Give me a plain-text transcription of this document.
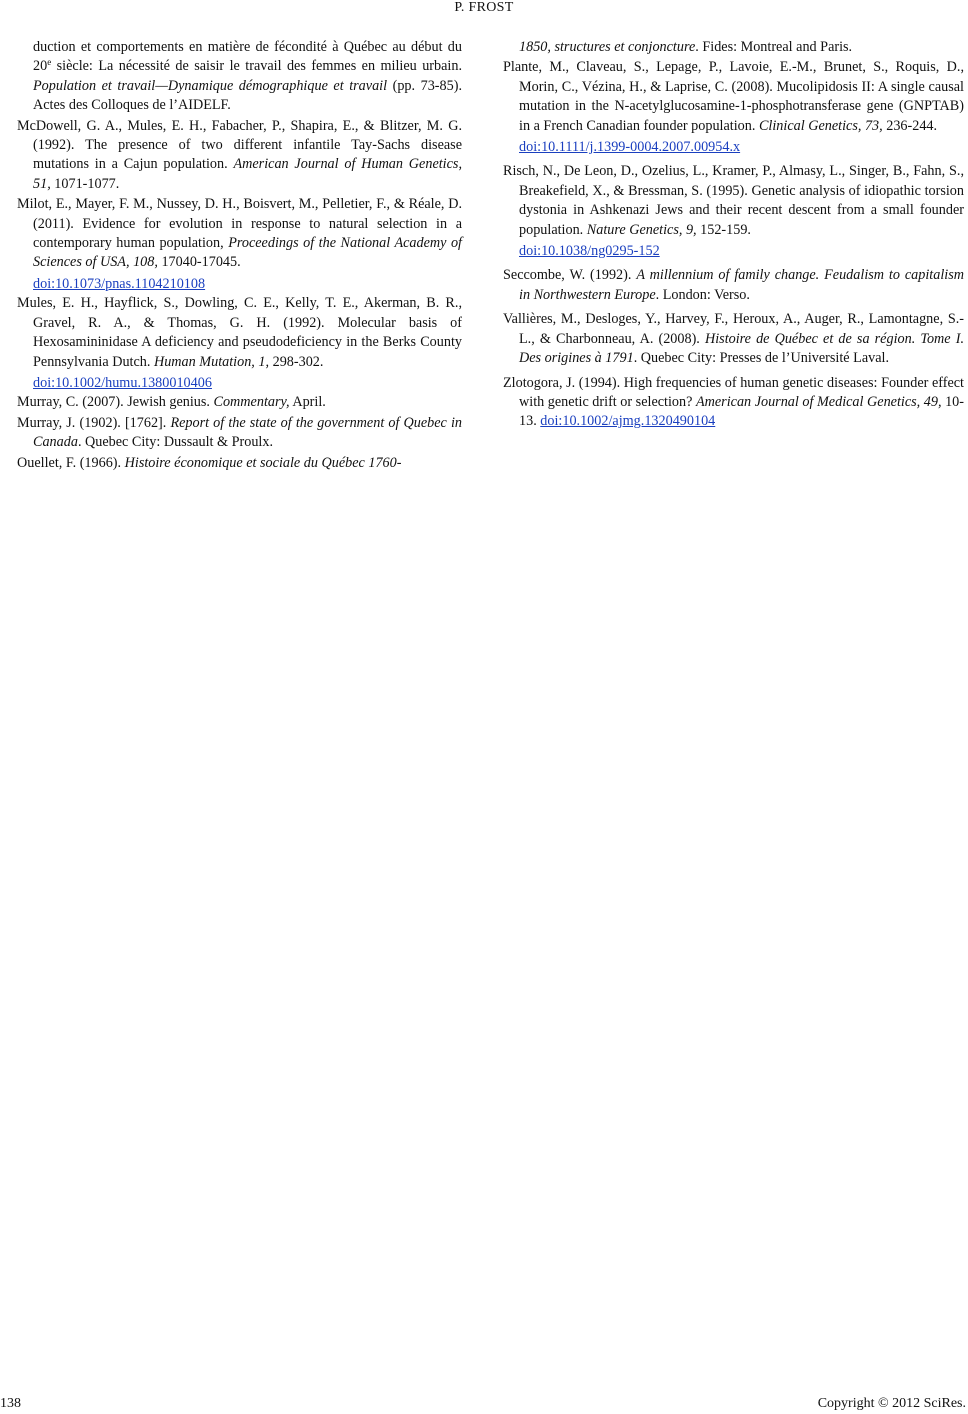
P. FROST

duction et comportements en matière de fécondité à Québec au début du 20e siècle: La nécessité de saisir le travail des femmes en milieu urbain. Population et travail—Dynamique démographique et travail (pp. 73-85). Actes des Colloques de l’AIDELF.

McDowell, G. A., Mules, E. H., Fabacher, P., Shapira, E., & Blitzer, M. G. (1992). The presence of two different infantile Tay-Sachs disease mutations in a Cajun population. American Journal of Human Genetics, 51, 1071-1077.

Milot, E., Mayer, F. M., Nussey, D. H., Boisvert, M., Pelletier, F., & Réale, D. (2011). Evidence for evolution in response to natural selection in a contemporary human population, Proceedings of the National Academy of Sciences of USA, 108, 17040-17045.

doi:10.1073/pnas.1104210108

Mules, E. H., Hayflick, S., Dowling, C. E., Kelly, T. E., Akerman, B. R., Gravel, R. A., & Thomas, G. H. (1992). Molecular basis of Hexosamininidase A deficiency and pseudodeficiency in the Berks County Pennsylvania Dutch. Human Mutation, 1, 298-302.

doi:10.1002/humu.1380010406

Murray, C. (2007). Jewish genius. Commentary, April.

Murray, J. (1902). [1762]. Report of the state of the government of Quebec in Canada. Quebec City: Dussault & Proulx.

Ouellet, F. (1966). Histoire économique et sociale du Québec 1760-

1850, structures et conjoncture. Fides: Montreal and Paris.

Plante, M., Claveau, S., Lepage, P., Lavoie, E.-M., Brunet, S., Roquis, D., Morin, C., Vézina, H., & Laprise, C. (2008). Mucolipidosis II: A single causal mutation in the N-acetylglucosamine-1-phosphotransferase gene (GNPTAB) in a French Canadian founder population. Clinical Genetics, 73, 236-244.

doi:10.1111/j.1399-0004.2007.00954.x

Risch, N., De Leon, D., Ozelius, L., Kramer, P., Almasy, L., Singer, B., Fahn, S., Breakefield, X., & Bressman, S. (1995). Genetic analysis of idiopathic torsion dystonia in Ashkenazi Jews and their recent descent from a small founder population. Nature Genetics, 9, 152-159.

doi:10.1038/ng0295-152

Seccombe, W. (1992). A millennium of family change. Feudalism to capitalism in Northwestern Europe. London: Verso.

Vallières, M., Desloges, Y., Harvey, F., Heroux, A., Auger, R., Lamontagne, S.-L., & Charbonneau, A. (2008). Histoire de Québec et de sa région. Tome I. Des origines à 1791. Quebec City: Presses de l’Université Laval.

Zlotogora, J. (1994). High frequencies of human genetic diseases: Founder effect with genetic drift or selection? American Journal of Medical Genetics, 49, 10-13. doi:10.1002/ajmg.1320490104

138	Copyright © 2012 SciRes.
